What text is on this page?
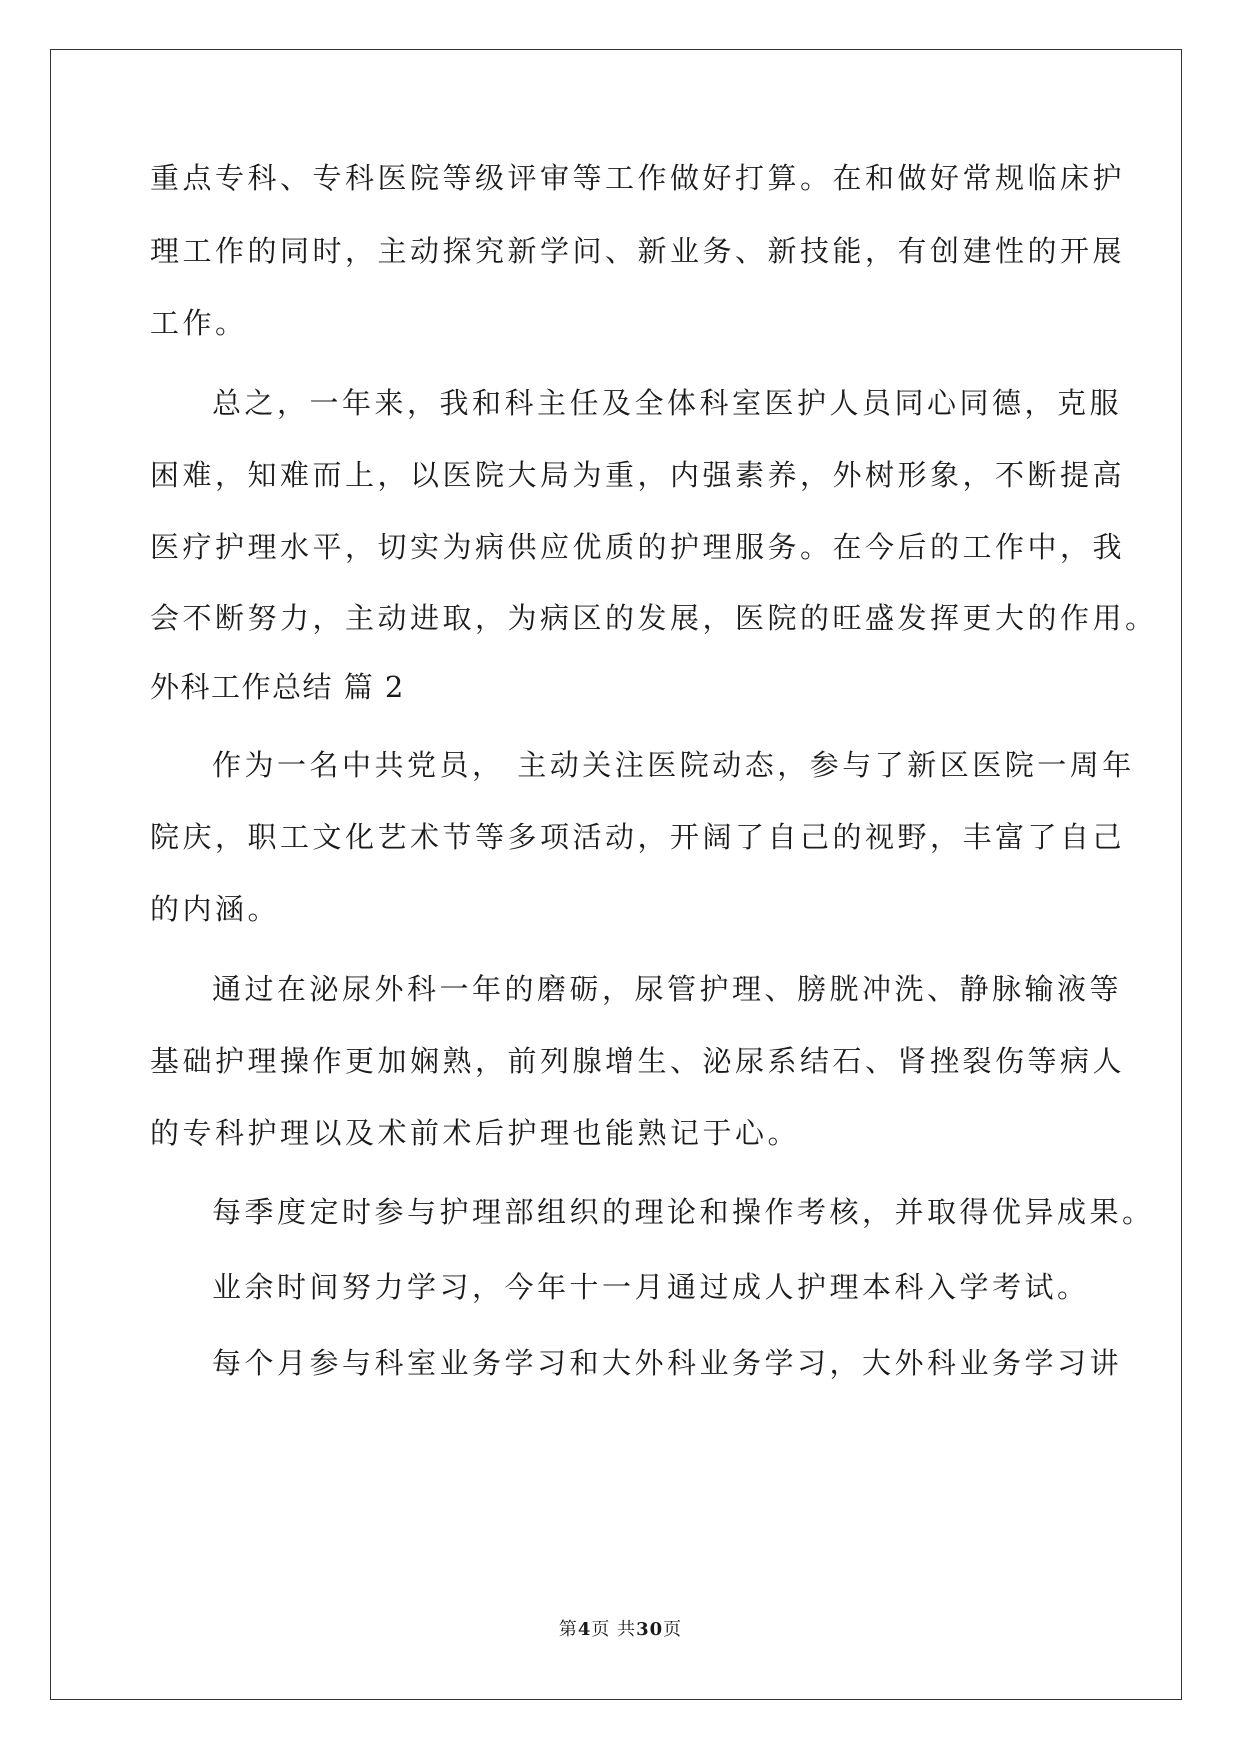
重点专科、专科医院等级评审等工作做好打算。在和做好常规临床护
理工作的同时，主动探究新学问、新业务、新技能，有创建性的开展
工作。
总之，一年来，我和科主任及全体科室医护人员同心同德，克服
困难，知难而上，以医院大局为重，内强素养，外树形象，不断提高
医疗护理水平，切实为病供应优质的护理服务。在今后的工作中，我
会不断努力，主动进取，为病区的发展，医院的旺盛发挥更大的作用。
外科工作总结 篇 2
作为一名中共党员， 主动关注医院动态，参与了新区医院一周年
院庆，职工文化艺术节等多项活动，开阔了自己的视野，丰富了自己
的内涵。
通过在泌尿外科一年的磨砺，尿管护理、膀胱冲洗、静脉输液等
基础护理操作更加娴熟，前列腺增生、泌尿系结石、肾挫裂伤等病人
的专科护理以及术前术后护理也能熟记于心。
每季度定时参与护理部组织的理论和操作考核，并取得优异成果。
业余时间努力学习，今年十一月通过成人护理本科入学考试。
每个月参与科室业务学习和大外科业务学习，大外科业务学习讲
第4页 共30页
